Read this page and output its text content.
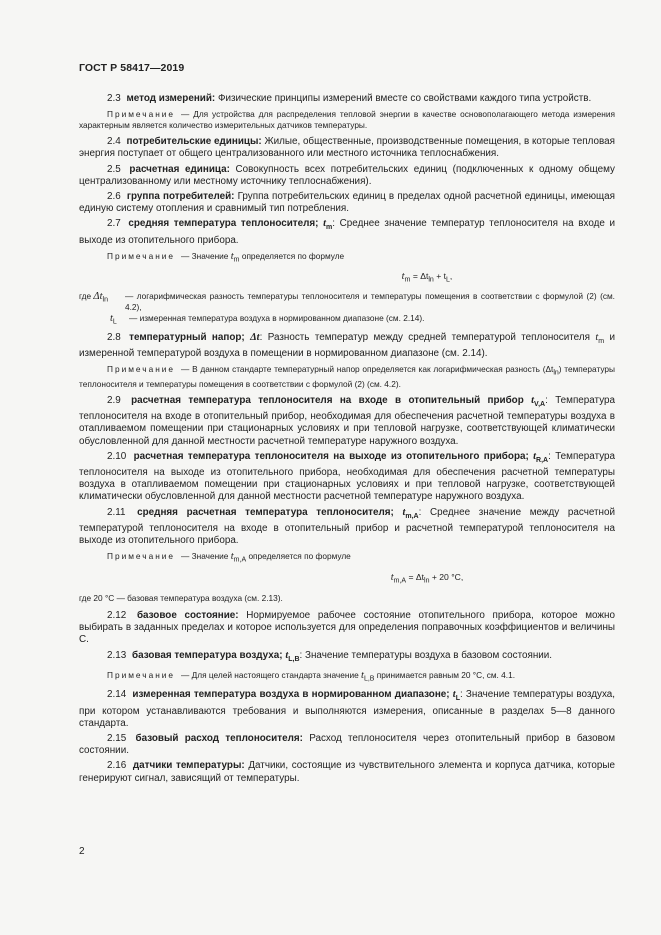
ГОСТ Р 58417—2019

2.3 метод измерений: Физические принципы измерений вместе со свойствами каждого типа устройств.

Примечание — Для устройства для распределения тепловой энергии в качестве основополагающего метода измерения характерным является количество измерительных датчиков температуры.

2.4 потребительские единицы: Жилые, общественные, производственные помещения, в которые тепловая энергия поступает от общего централизованного или местного источника теплоснабжения.

2.5 расчетная единица: Совокупность всех потребительских единиц (подключенных к одному общему централизованному или местному источнику теплоснабжения).

2.6 группа потребителей: Группа потребительских единиц в пределах одной расчетной единицы, имеющая единую систему отопления и сравнимый тип потребления.

2.7 средняя температура теплоносителя; $t_m$: Среднее значение температур теплоносителя на входе и выходе из отопительного прибора.

Примечание — Значение $t_m$ определяется по формуле

$t_m = \Delta t_{ln} + t_L$,
где $\Delta t_{ln}$	— логарифмическая разность температуры теплоносителя и температуры помещения в соответствии с формулой (2) (см. 4.2),
$t_L$	— измеренная температура воздуха в нормированном диапазоне (см. 2.14).

2.8 температурный напор; Δt: Разность температур между средней температурой теплоносителя $t_m$ и измеренной температурой воздуха в помещении в нормированном диапазоне (см. 2.14).

Примечание — В данном стандарте температурный напор определяется как логарифмическая разность $(\Delta t_{ln})$ температуры теплоносителя и температуры помещения в соответствии с формулой (2) (см. 4.2).

2.9 расчетная температура теплоносителя на входе в отопительный прибор $t_{V,A}$: Температура теплоносителя на входе в отопительный прибор, необходимая для обеспечения расчетной температуры воздуха в отапливаемом помещении при стационарных условиях и при тепловой нагрузке, соответствующей климатически обусловленной для данной местности расчетной температуре наружного воздуха.

2.10 расчетная температура теплоносителя на выходе из отопительного прибора; $t_{R,A}$: Температура теплоносителя на выходе из отопительного прибора, необходимая для обеспечения расчетной температуры воздуха в отапливаемом помещении при стационарных условиях и при тепловой нагрузке, соответствующей климатически обусловленной для данной местности расчетной температуре наружного воздуха.

2.11 средняя расчетная температура теплоносителя; $t_{m,A}$: Среднее значение между расчетной температурой теплоносителя на входе в отопительный прибор и расчетной температурой теплоносителя на выходе из отопительного прибора.

Примечание — Значение $t_{m,A}$ определяется по формуле

$t_{m,A} = \Delta t_{ln} + 20$ °C,
где 20 °С — базовая температура воздуха (см. 2.13).

2.12 базовое состояние: Нормируемое рабочее состояние отопительного прибора, которое можно выбирать в заданных пределах и которое используется для определения поправочных коэффициентов и величины С.

2.13 базовая температура воздуха; $t_{L,B}$: Значение температуры воздуха в базовом состоянии.

Примечание — Для целей настоящего стандарта значение $t_{L,B}$ принимается равным 20 °С, см. 4.1.

2.14 измеренная температура воздуха в нормированном диапазоне; $t_L$: Значение температуры воздуха, при котором устанавливаются требования и выполняются измерения, описанные в разделах 5—8 данного стандарта.

2.15 базовый расход теплоносителя: Расход теплоносителя через отопительный прибор в базовом состоянии.

2.16 датчики температуры: Датчики, состоящие из чувствительного элемента и корпуса датчика, которые генерируют сигнал, зависящий от температуры.

2
